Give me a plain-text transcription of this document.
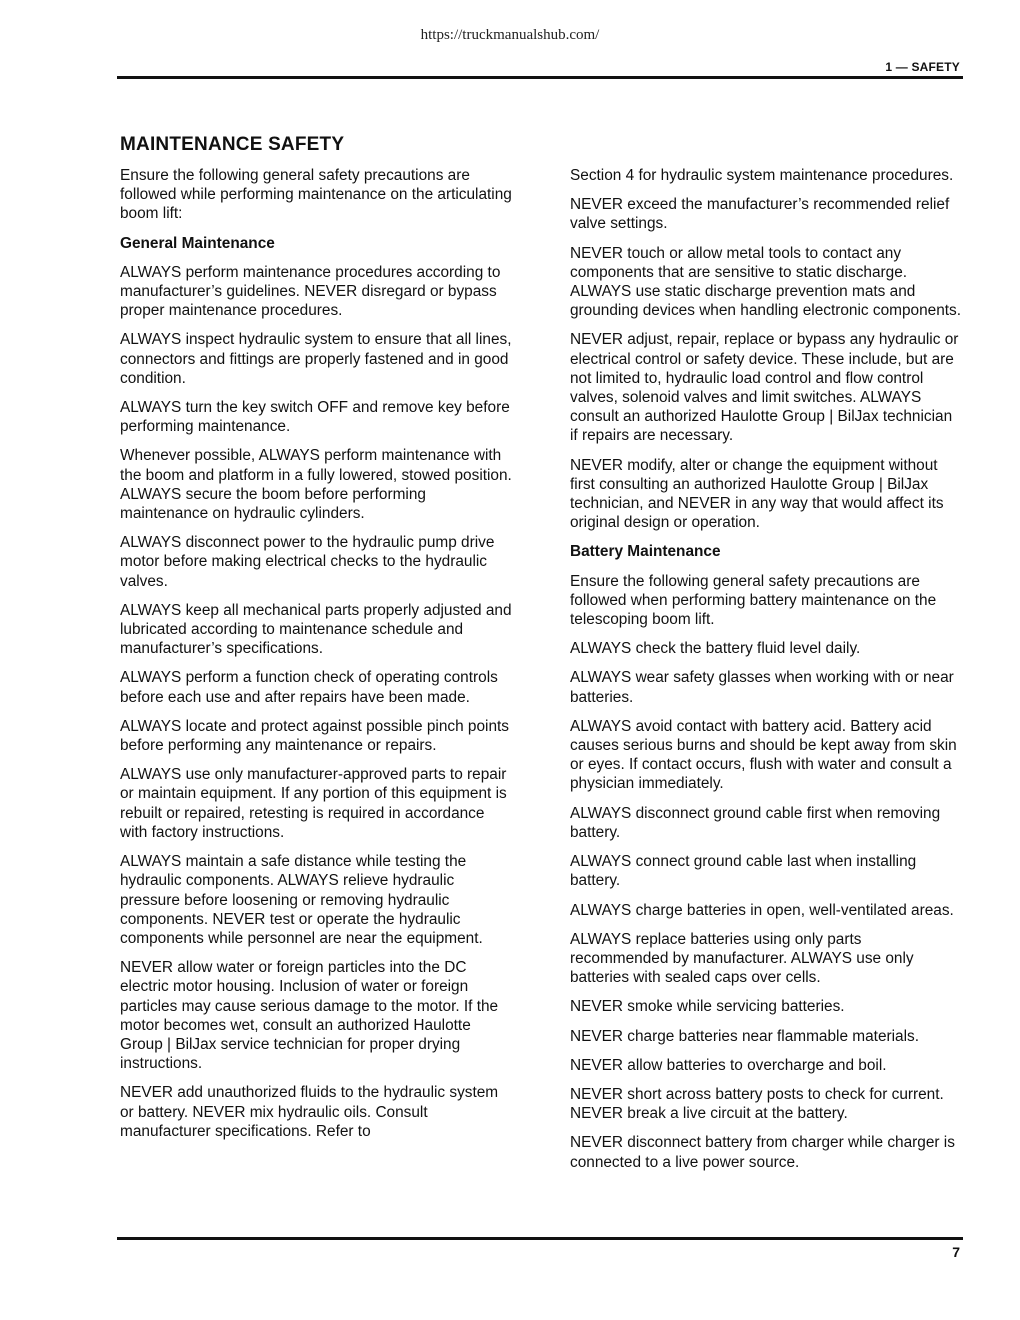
https://truckmanualshub.com/
1 — SAFETY
MAINTENANCE SAFETY

Ensure the following general safety precautions are followed while performing maintenance on the articulating boom lift:

General Maintenance

ALWAYS perform maintenance procedures according to manufacturer’s guidelines. NEVER disregard or bypass proper maintenance procedures.

ALWAYS inspect hydraulic system to ensure that all lines, connectors and fittings are properly fastened and in good condition.

ALWAYS turn the key switch OFF and remove key before performing maintenance.

Whenever possible, ALWAYS perform maintenance with the boom and platform in a fully lowered, stowed position. ALWAYS secure the boom before performing maintenance on hydraulic cylinders.

ALWAYS disconnect power to the hydraulic pump drive motor before making electrical checks to the hydraulic valves.

ALWAYS keep all mechanical parts properly adjusted and lubricated according to maintenance schedule and manufacturer’s specifications.

ALWAYS perform a function check of operating controls before each use and after repairs have been made.

ALWAYS locate and protect against possible pinch points before performing any maintenance or repairs.

ALWAYS use only manufacturer-approved parts to repair or maintain equipment. If any portion of this equipment is rebuilt or repaired, retesting is required in accordance with factory instructions.

ALWAYS maintain a safe distance while testing the hydraulic components. ALWAYS relieve hydraulic pressure before loosening or removing hydraulic components. NEVER test or operate the hydraulic components while personnel are near the equipment.

NEVER allow water or foreign particles into the DC electric motor housing. Inclusion of water or foreign particles may cause serious damage to the motor. If the motor becomes wet, consult an authorized Haulotte Group | BilJax service technician for proper drying instructions.

NEVER add unauthorized fluids to the hydraulic system or battery. NEVER mix hydraulic oils. Consult manufacturer specifications. Refer to

Section 4 for hydraulic system maintenance procedures.

NEVER exceed the manufacturer’s recommended relief valve settings.

NEVER touch or allow metal tools to contact any components that are sensitive to static discharge. ALWAYS use static discharge prevention mats and grounding devices when handling electronic components.

NEVER adjust, repair, replace or bypass any hydraulic or electrical control or safety device. These include, but are not limited to, hydraulic load control and flow control valves, solenoid valves and limit switches. ALWAYS consult an authorized Haulotte Group | BilJax technician if repairs are necessary.

NEVER modify, alter or change the equipment without first consulting an authorized Haulotte Group | BilJax technician, and NEVER in any way that would affect its original design or operation.

Battery Maintenance

Ensure the following general safety precautions are followed when performing battery maintenance on the telescoping boom lift.

ALWAYS check the battery fluid level daily.

ALWAYS wear safety glasses when working with or near batteries.

ALWAYS avoid contact with battery acid. Battery acid causes serious burns and should be kept away from skin or eyes. If contact occurs, flush with water and consult a physician immediately.

ALWAYS disconnect ground cable first when removing battery.

ALWAYS connect ground cable last when installing battery.

ALWAYS charge batteries in open, well-ventilated areas.

ALWAYS replace batteries using only parts recommended by manufacturer. ALWAYS use only batteries with sealed caps over cells.

NEVER smoke while servicing batteries.

NEVER charge batteries near flammable materials.

NEVER allow batteries to overcharge and boil.

NEVER short across battery posts to check for current. NEVER break a live circuit at the battery.

NEVER disconnect battery from charger while charger is connected to a live power source.

7
